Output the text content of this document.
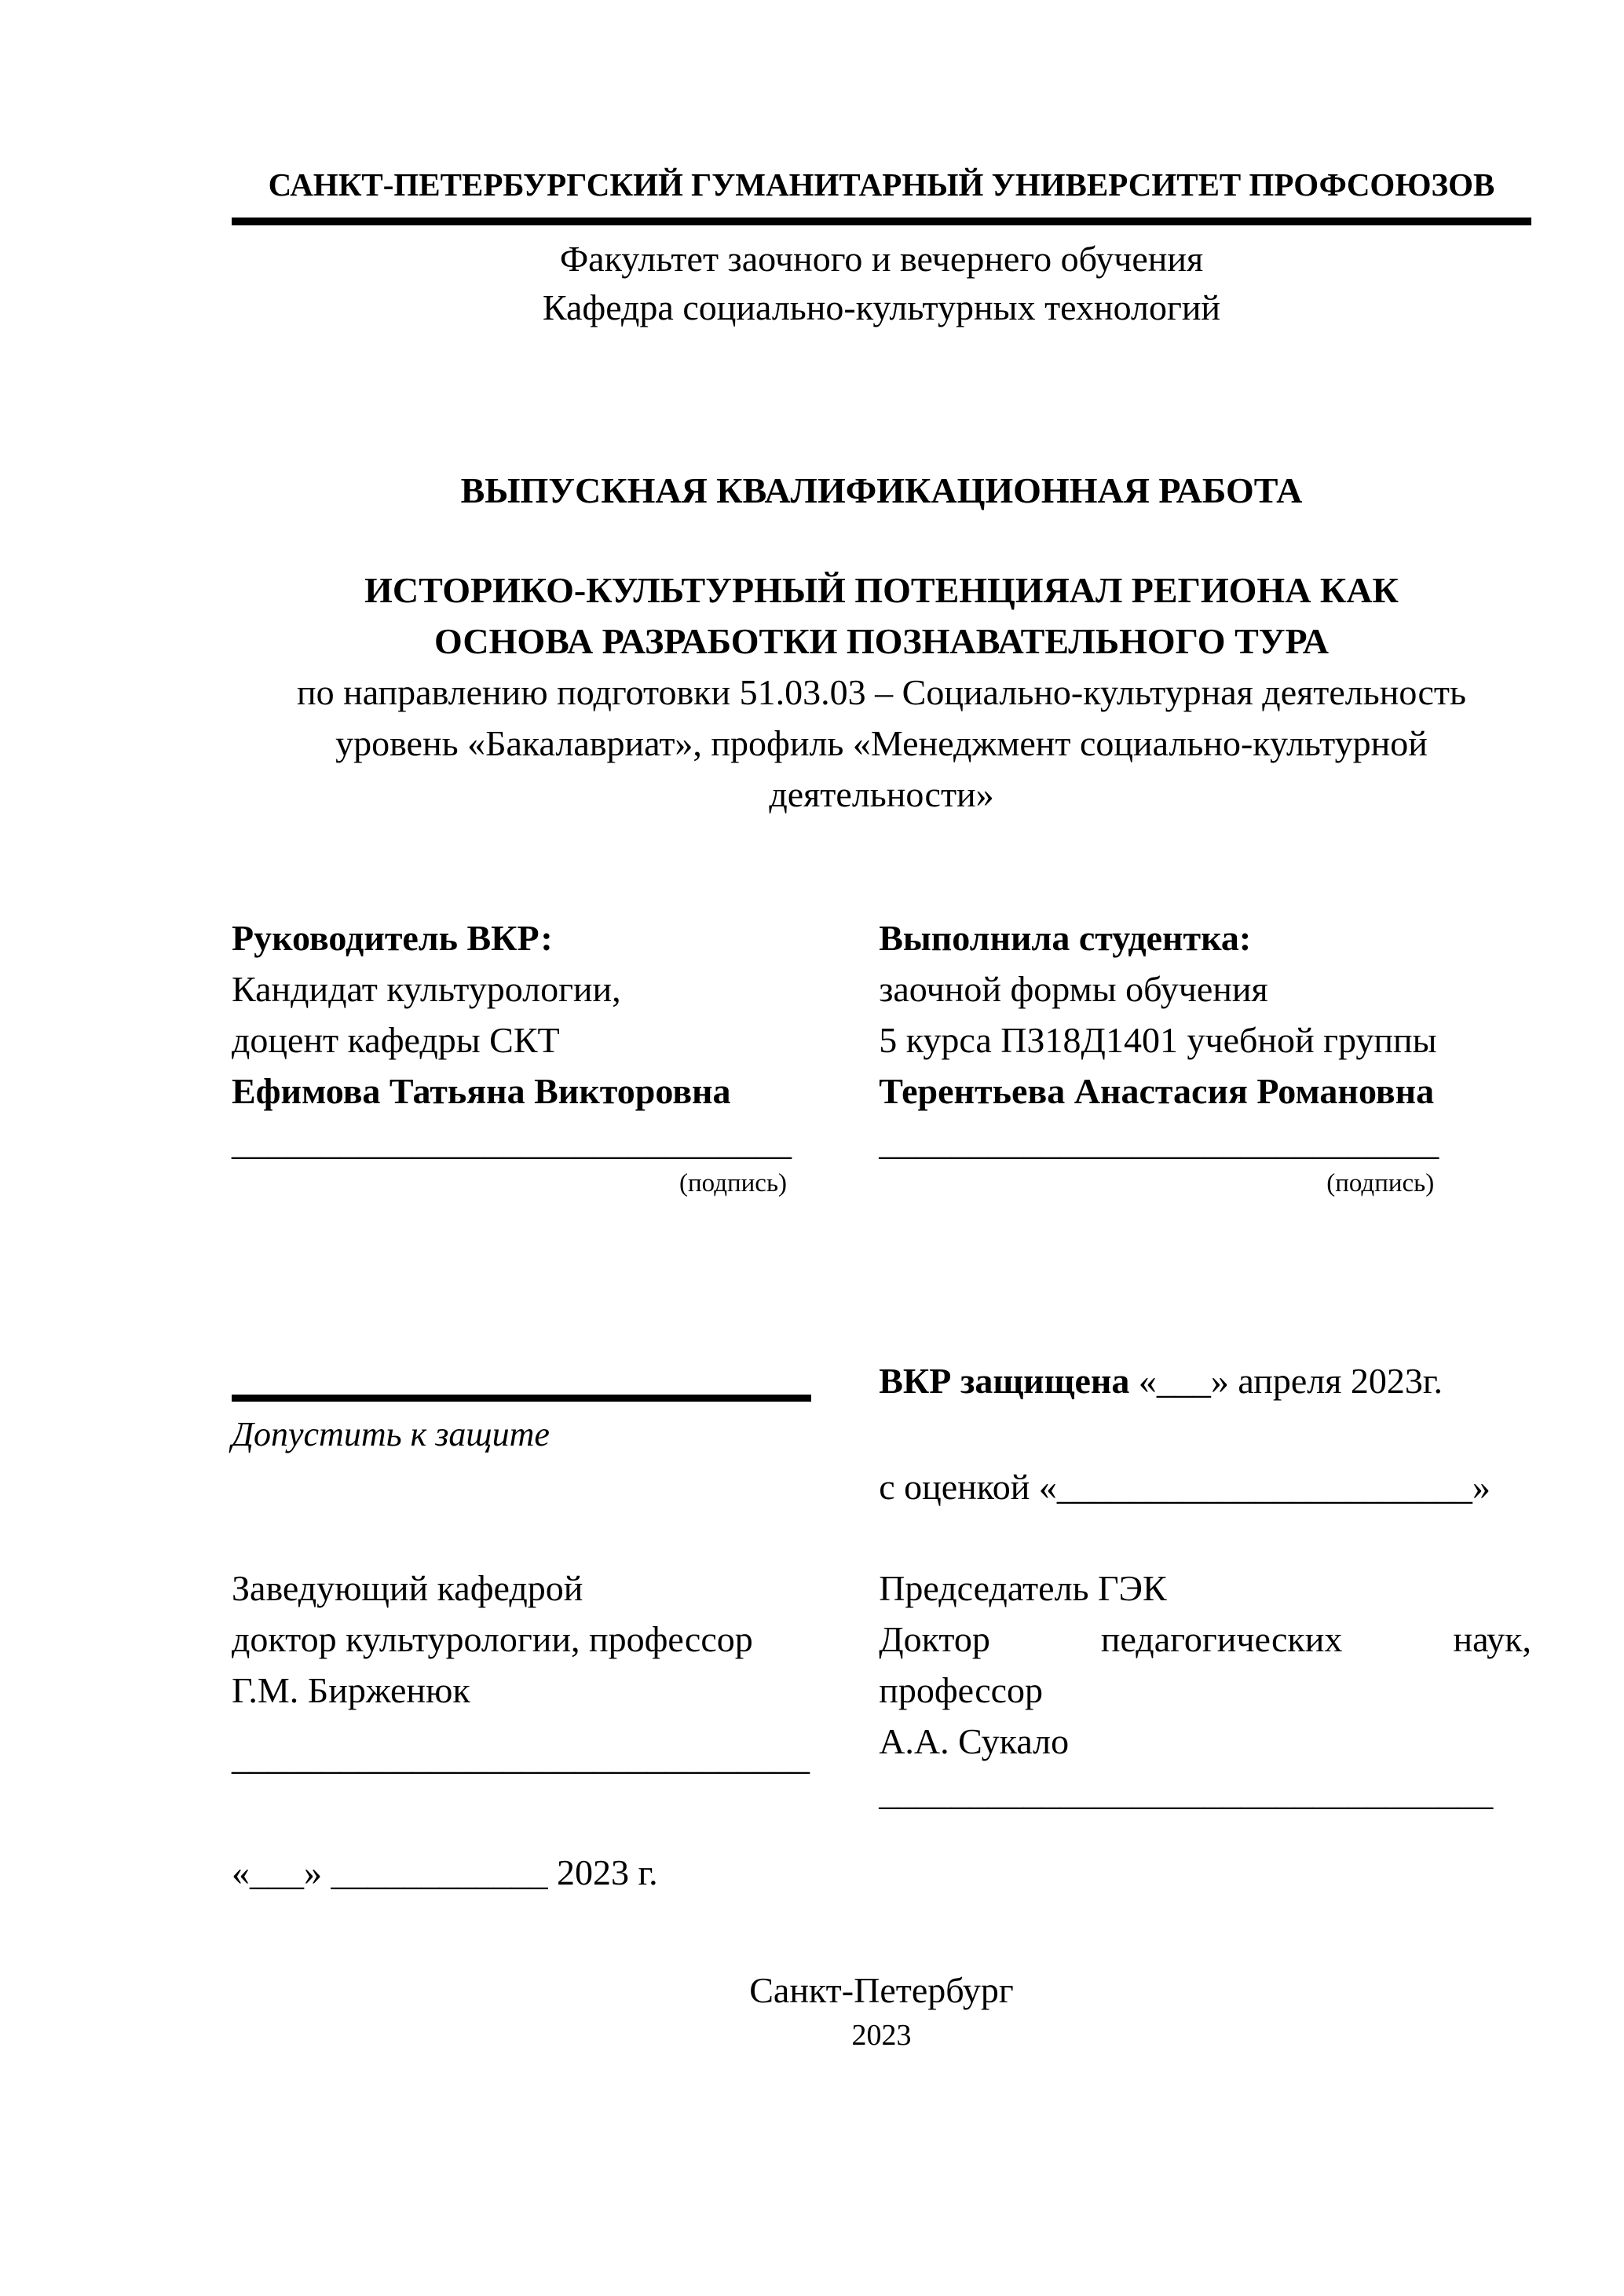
САНКТ-ПЕТЕРБУРГСКИЙ ГУМАНИТАРНЫЙ УНИВЕРСИТЕТ ПРОФСОЮЗОВ
Факультет заочного и вечернего обучения
Кафедра социально-культурных технологий
ВЫПУСКНАЯ КВАЛИФИКАЦИОННАЯ РАБОТА
ИСТОРИКО-КУЛЬТУРНЫЙ ПОТЕНЦИЯАЛ РЕГИОНА КАК
ОСНОВА РАЗРАБОТКИ ПОЗНАВАТЕЛЬНОГО ТУРА
по направлению подготовки 51.03.03 – Социально-культурная деятельность
уровень «Бакалавриат», профиль «Менеджмент социально-культурной
деятельности»
Руководитель ВКР:
Кандидат культурологии,
доцент кафедры СКТ
Ефимова Татьяна Викторовна
_______________________________
(подпись)
Выполнила студентка:
заочной формы обучения
5 курса ПЗ18Д1401 учебной группы
Терентьева Анастасия Романовна
_______________________________
(подпись)
Допустить к защите
ВКР защищена «___» апреля 2023г.
с оценкой «_______________________»
Заведующий кафедрой
доктор культурологии, профессор
Г.М. Бирженюк
________________________________
Председатель ГЭК
Доктор педагогических наук,
профессор
А.А. Сукало
__________________________________
«___» ____________ 2023 г.
Санкт-Петербург
2023
